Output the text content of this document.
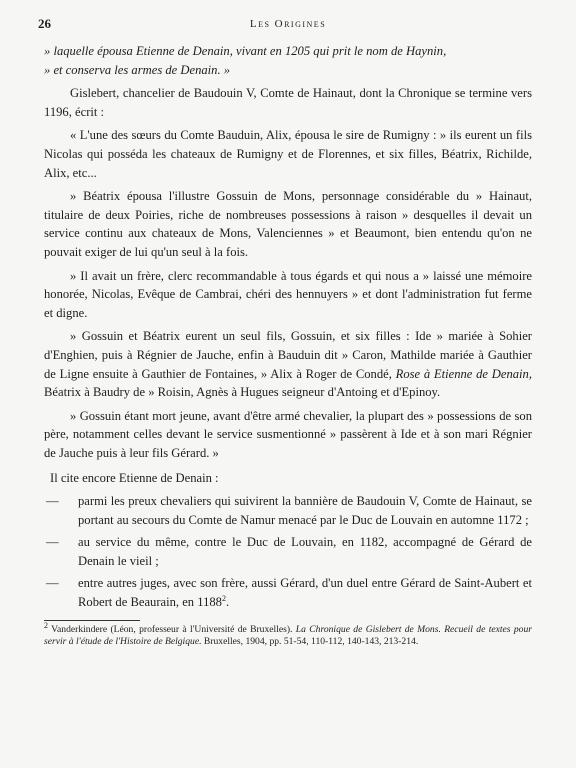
26	Les Origines

» laquelle épousa Etienne de Denain, vivant en 1205 qui prit le nom de Haynin,
» et conserva les armes de Denain. »

Gislebert, chancelier de Baudouin V, Comte de Hainaut, dont la Chronique se termine vers 1196, écrit :

« L'une des sœurs du Comte Bauduin, Alix, épousa le sire de Rumigny : » ils eurent un fils Nicolas qui posséda les chateaux de Rumigny et de Florennes, et six filles, Béatrix, Richilde, Alix, etc...

» Béatrix épousa l'illustre Gossuin de Mons, personnage considérable du » Hainaut, titulaire de deux Poiries, riche de nombreuses possessions à raison » desquelles il devait un service continu aux chateaux de Mons, Valenciennes » et Beaumont, bien entendu qu'on ne pouvait exiger de lui qu'un seul à la fois.

» Il avait un frère, clerc recommandable à tous égards et qui nous a » laissé une mémoire honorée, Nicolas, Evêque de Cambrai, chéri des hennuyers » et dont l'administration fut ferme et digne.

» Gossuin et Béatrix eurent un seul fils, Gossuin, et six filles : Ide » mariée à Sohier d'Enghien, puis à Régnier de Jauche, enfin à Bauduin dit » Caron, Mathilde mariée à Gauthier de Ligne ensuite à Gauthier de Fontaines, » Alix à Roger de Condé, Rose à Etienne de Denain, Béatrix à Baudry de » Roisin, Agnès à Hugues seigneur d'Antoing et d'Epinoy.

» Gossuin étant mort jeune, avant d'être armé chevalier, la plupart des » possessions de son père, notamment celles devant le service susmentionné » passèrent à Ide et à son mari Régnier de Jauche puis à leur fils Gérard. »

Il cite encore Etienne de Denain :

— parmi les preux chevaliers qui suivirent la bannière de Baudouin V, Comte de Hainaut, se portant au secours du Comte de Namur menacé par le Duc de Louvain en automne 1172 ;
— au service du même, contre le Duc de Louvain, en 1182, accompagné de Gérard de Denain le vieil ;
— entre autres juges, avec son frère, aussi Gérard, d'un duel entre Gérard de Saint-Aubert et Robert de Beaurain, en 1188$^2$.
$^2$ Vanderkindere (Léon, professeur à l'Université de Bruxelles). La Chronique de Gislebert de Mons. Recueil de textes pour servir à l'étude de l'Histoire de Belgique. Bruxelles, 1904, pp. 51-54, 110-112, 140-143, 213-214.
